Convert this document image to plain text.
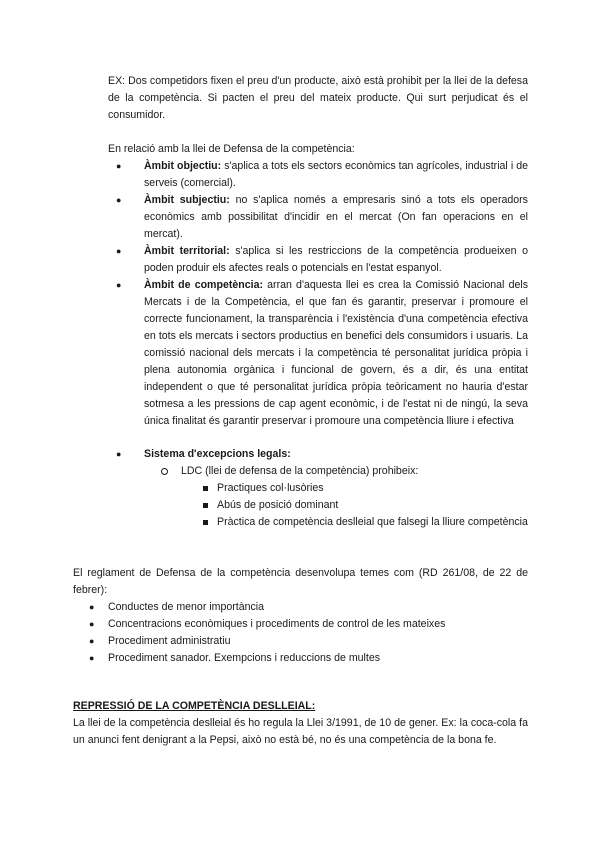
EX: Dos competidors fixen el preu d'un producte, això està prohibit per la llei de la defesa de la competència. Si pacten el preu del mateix producte. Qui surt perjudicat és el consumidor.

En relació amb la llei de Defensa de la competència:

● Àmbit objectiu: s'aplica a tots els sectors econòmics tan agrícoles, industrial i de serveis (comercial).

● Àmbit subjectiu: no s'aplica només a empresaris sinó a tots els operadors econòmics amb possibilitat d'incidir en el mercat (On fan operacions en el mercat).

● Àmbit territorial: s'aplica si les restriccions de la competència produeixen o poden produir els afectes reals o potencials en l'estat espanyol.

● Àmbit de competència: arran d'aquesta llei es crea la Comissió Nacional dels Mercats i de la Competència, el que fan és garantir, preservar i promoure el correcte funcionament, la transparència i l'existència d'una competència efectiva en tots els mercats i sectors productius en benefici dels consumidors i usuaris. La comissió nacional dels mercats i la competència té personalitat jurídica pròpia i plena autonomia orgànica i funcional de govern, és a dir, és una entitat independent o que té personalitat jurídica pròpia teòricament no hauria d'estar sotmesa a les pressions de cap agent econòmic, i de l'estat ni de ningú, la seva única finalitat és garantir preservar i promoure una competència lliure i efectiva

● Sistema d'excepcions legals:

LDC (llei de defensa de la competència) prohibeix:

Practiques col·lusòries

Abús de posició dominant

Pràctica de competència deslleial que falsegi la lliure competència

El reglament de Defensa de la competència desenvolupa temes com (RD 261/08, de 22 de febrer):

● Conductes de menor importància

● Concentracions econòmiques i procediments de control de les mateixes

● Procediment administratiu

● Procediment sanador. Exempcions i reduccions de multes

REPRESSIÓ DE LA COMPETÈNCIA DESLLEIAL:

La llei de la competència deslleial és ho regula la Llei 3/1991, de 10 de gener. Ex: la coca-cola fa un anunci fent denigrant a la Pepsi, això no està bé, no és una competència de la bona fe.
